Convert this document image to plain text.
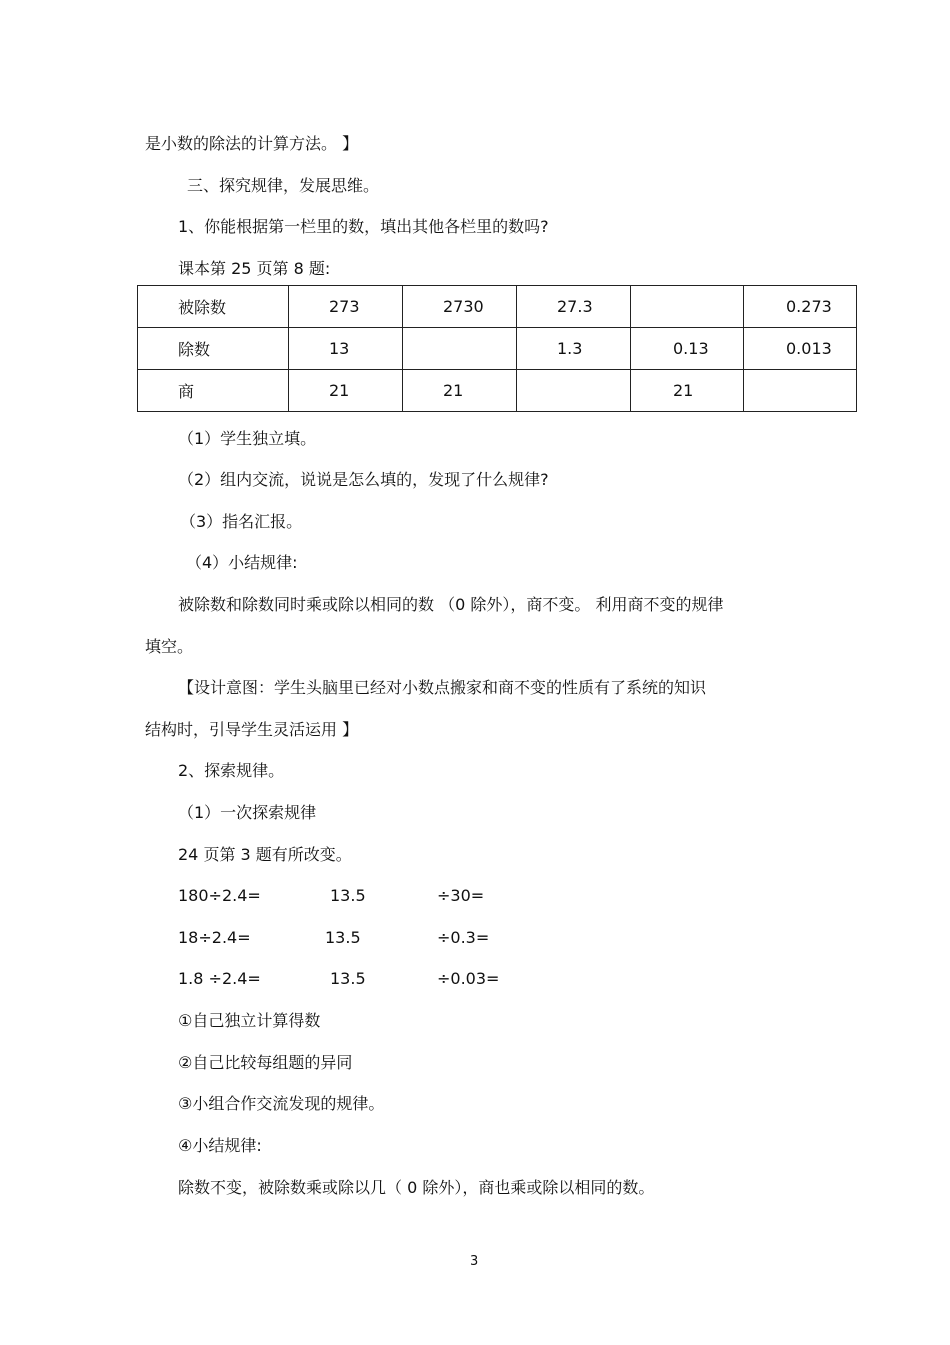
是小数的除法的计算方法。 】
三、探究规律，发展思维。
1、你能根据第一栏里的数，填出其他各栏里的数吗?
课本第 25 页第 8 题:
被除数	273	2730	27.3		0.273
除数	13		1.3	0.13	0.013
商	21	21		21	
（1）学生独立填。
（2）组内交流，说说是怎么填的，发现了什么规律?
（3）指名汇报。
（4）小结规律:
被除数和除数同时乘或除以相同的数 （0 除外），商不变。 利用商不变的规律
填空。
【设计意图：学生头脑里已经对小数点搬家和商不变的性质有了系统的知识
结构时，引导学生灵活运用 】
2、探索规律。
（1）一次探索规律
24 页第 3 题有所改变。
180÷2.4=	13.5	÷30=
18÷2.4=	13.5	÷0.3=
1.8 ÷2.4=	13.5	÷0.03=
①自己独立计算得数
②自己比较每组题的异同
③小组合作交流发现的规律。
④小结规律:
除数不变，被除数乘或除以几（ 0 除外），商也乘或除以相同的数。
3
